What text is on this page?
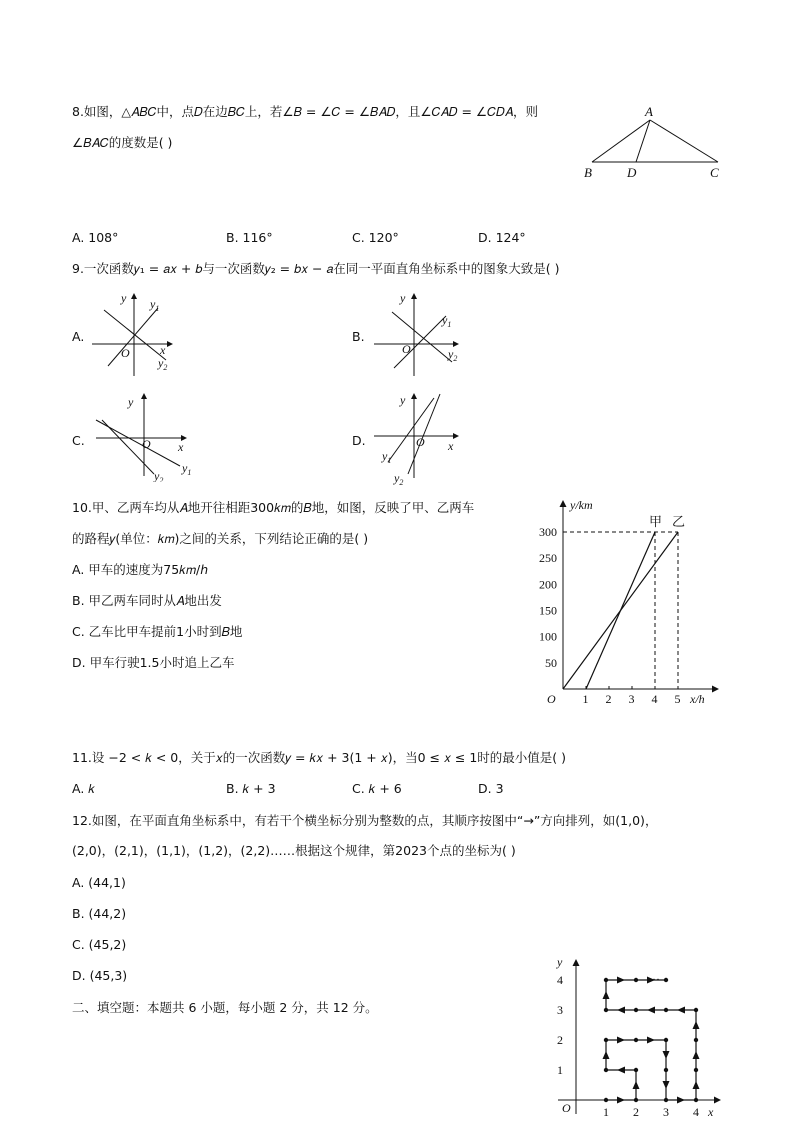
8.如图，△𝐴𝐵𝐶中，点𝐷在边𝐵𝐶上，若∠𝐵 = ∠𝐶 = ∠𝐵𝐴𝐷，且∠𝐶𝐴𝐷 = ∠𝐶𝐷𝐴，则
∠𝐵𝐴𝐶的度数是( )
A
B	D	C
A. 108°	B. 116°	C. 120°	D. 124°
9.一次函数𝑦₁ = 𝑎𝑥 + 𝑏与一次函数𝑦₂ = 𝑏𝑥 − 𝑎在同一平面直角坐标系中的图象大致是( )
A.
y
x
O
$y_1$
$y_2$
B.
y
O
$y_1$
$y_2$
C.
y
x
O
$y_1$
$y_2$
D.
y
x
O
$y_1$
$y_2$
10.甲、乙两车均从𝐴地开往相距300𝑘𝑚的𝐵地，如图，反映了甲、乙两车
的路程𝑦(单位：𝑘𝑚)之间的关系，下列结论正确的是( )
A. 甲车的速度为75𝑘𝑚/ℎ
B. 甲乙两车同时从𝐴地出发
C. 乙车比甲车提前1小时到𝐵地
D. 甲车行驶1.5小时追上乙车
y/km
x/h
O 1 2 3 4 5
50
100
150
200
250
300
甲 乙
11.设 −2 < 𝑘 < 0，关于𝑥的一次函数𝑦 = 𝑘𝑥 + 3(1 + 𝑥)，当0 ≤ 𝑥 ≤ 1时的最小值是( )
A. 𝑘	B. 𝑘 + 3	C. 𝑘 + 6	D. 3
12.如图，在平面直角坐标系中，有若干个横坐标分别为整数的点，其顺序按图中“→”方向排列，如(1,0)，
(2,0)，(2,1)，(1,1)，(1,2)，(2,2)……根据这个规律，第2023个点的坐标为( )
A. (44,1)
B. (44,2)
C. (45,2)
D. (45,3)
y
x
O	1 2 3 4
1
2
3
4	···
二、填空题：本题共 6 小题，每小题 2 分，共 12 分。
